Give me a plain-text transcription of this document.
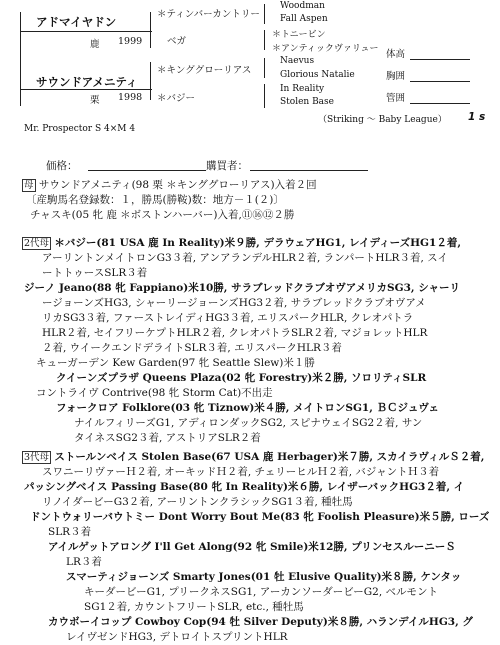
アドマイヤドン
鹿 1999
サウンドアメニティ
栗 1998
＊ティンバーカントリー
ベガ
＊キンググローリアス
＊バジー
Woodman
Fall Aspen
＊トニービン
＊アンティックヴァリュー
Naevus
Glorious Natalie
In Reality
Stolen Base
体高
胸囲
管囲
（Striking ～ Baby League） 1 s
Mr. Prospector S 4×M 4
価格：	購買者：
母 サウンドアメニティ(98 栗 ＊キンググローリアス)入着２回
〔産駒馬名登録数：１，勝馬(勝鞍)数：地方－１(２)〕
チャスキ(05 牝 鹿 ＊ボストンハーバー)入着,⑪⑯⑫２勝
2代母 ＊バジー(81 USA 鹿 In Reality)米９勝, デラウェアHG1, レイディーズHG1２着,
アーリントンメイトロンG3３着, アンアランデルHLR２着, ランパートHLR３着, スイ
ートトゥースSLR３着
ジーノ Jeano(88 牝 Fappiano)米10勝, サラブレッドクラブオヴアメリカSG3, シャーリ
ージョーンズHG3, シャーリージョーンズHG3２着, サラブレッドクラブオヴアメ
リカSG3３着, ファーストレイディHG3３着, エリスパークHLR, クレオパトラ
HLR２着, セイフリーケプトHLR２着, クレオパトラSLR２着, マジョレットHLR
２着, ウイークエンドデライトSLR３着, エリスパークHLR３着
キューガーデン Kew Garden(97 牝 Seattle Slew)米１勝
クイーンズプラザ Queens Plaza(02 牝 Forestry)米２勝, ソロリティSLR
コントライヴ Contrive(98 牝 Storm Cat)不出走
フォークロア Folklore(03 牝 Tiznow)米４勝, メイトロンSG1, ＢＣジュヴェ
ナイルフィリーズG1, アディロンダックSG2, スピナウェイSG2２着, サン
タイネスSG2３着, アストリアSLR２着
3代母 ストールンベイス Stolen Base(67 USA 鹿 Herbager)米７勝, スカイラヴィルＳ２着,
スワニーリヴァーＨ２着, オーキッドＨ２着, チェリーヒルＨ２着, バジャントＨ３着
パッシングベイス Passing Base(80 牝 In Reality)米６勝, レイザーバックHG3２着, イ
リノイダービーG3２着, アーリントンクラシックSG1３着, 種牡馬
ドントウォリーバウトミー Dont Worry Bout Me(83 牝 Foolish Pleasure)米５勝, ローズ
SLR３着
アイルゲットアロング I'll Get Along(92 牝 Smile)米12勝, プリンセスルーニーＳ
LR３着
スマーティジョーンズ Smarty Jones(01 牡 Elusive Quality)米８勝, ケンタッ
キーダービーG1, プリークネスSG1, アーカンソーダービーG2, ベルモント
SG1２着, カウントフリートSLR, etc., 種牡馬
カウボーイコップ Cowboy Cop(94 牡 Silver Deputy)米８勝, ハランデイルHG3, グ
レイヴゼンドHG3, デトロイトスプリントHLR
